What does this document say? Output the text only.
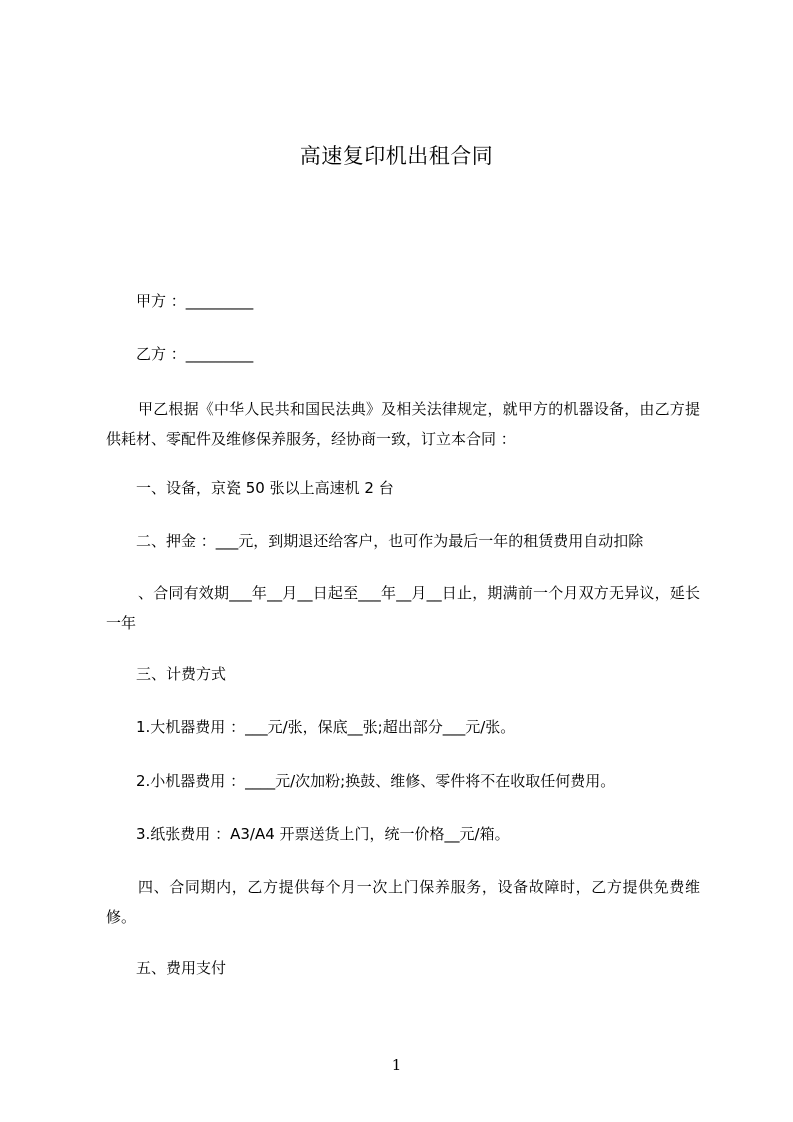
高速复印机出租合同
甲方 ：_________
乙方 ：_________
甲乙根据《中华人民共和国民法典》及相关法律规定，就甲方的机器设备，由乙方提供耗材、零配件及维修保养服务，经协商一致，订立本合同 ：
一、设备，京瓷 50 张以上高速机 2 台
二、押金 ：___元，到期退还给客户，也可作为最后一年的租赁费用自动扣除
、合同有效期___年__月__日起至___年__月__日止，期满前一个月双方无异议，延长一年
三、计费方式
1.大机器费用 ：___元/张，保底__张;超出部分___元/张。
2.小机器费用 ：____元/次加粉;换鼓、维修、零件将不在收取任何费用。
3.纸张费用 ：A3/A4 开票送货上门，统一价格__元/箱。
四、合同期内，乙方提供每个月一次上门保养服务，设备故障时，乙方提供免费维修。
五、费用支付
1
